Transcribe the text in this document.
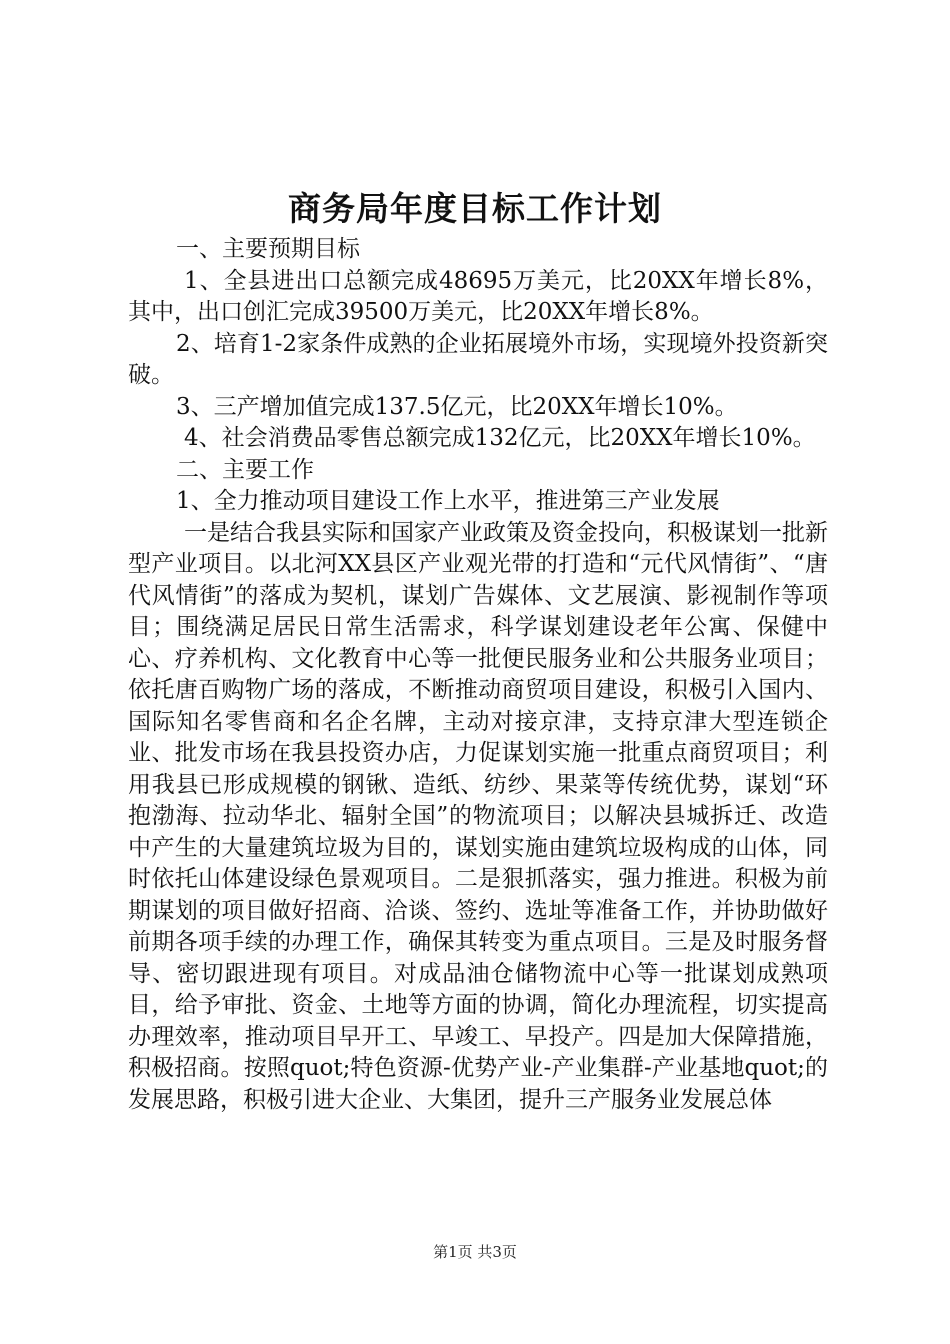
商务局年度目标工作计划

一、主要预期目标

1、全县进出口总额完成48695万美元，比20XX年增长8%，其中，出口创汇完成39500万美元，比20XX年增长8%。

2、培育1-2家条件成熟的企业拓展境外市场，实现境外投资新突破。

3、三产增加值完成137.5亿元，比20XX年增长10%。

4、社会消费品零售总额完成132亿元，比20XX年增长10%。

二、主要工作

1、全力推动项目建设工作上水平，推进第三产业发展

一是结合我县实际和国家产业政策及资金投向，积极谋划一批新型产业项目。以北河XX县区产业观光带的打造和“元代风情街”、“唐代风情街”的落成为契机，谋划广告媒体、文艺展演、影视制作等项目；围绕满足居民日常生活需求，科学谋划建设老年公寓、保健中心、疗养机构、文化教育中心等一批便民服务业和公共服务业项目；依托唐百购物广场的落成，不断推动商贸项目建设，积极引入国内、国际知名零售商和名企名牌，主动对接京津，支持京津大型连锁企业、批发市场在我县投资办店，力促谋划实施一批重点商贸项目；利用我县已形成规模的钢锹、造纸、纺纱、果菜等传统优势，谋划“环抱渤海、拉动华北、辐射全国”的物流项目；以解决县城拆迁、改造中产生的大量建筑垃圾为目的，谋划实施由建筑垃圾构成的山体，同时依托山体建设绿色景观项目。二是狠抓落实，强力推进。积极为前期谋划的项目做好招商、洽谈、签约、选址等准备工作，并协助做好前期各项手续的办理工作，确保其转变为重点项目。三是及时服务督导、密切跟进现有项目。对成品油仓储物流中心等一批谋划成熟项目，给予审批、资金、土地等方面的协调，简化办理流程，切实提高办理效率，推动项目早开工、早竣工、早投产。四是加大保障措施，积极招商。按照quot;特色资源-优势产业-产业集群-产业基地quot;的发展思路，积极引进大企业、大集团，提升三产服务业发展总体

第1页 共3页
